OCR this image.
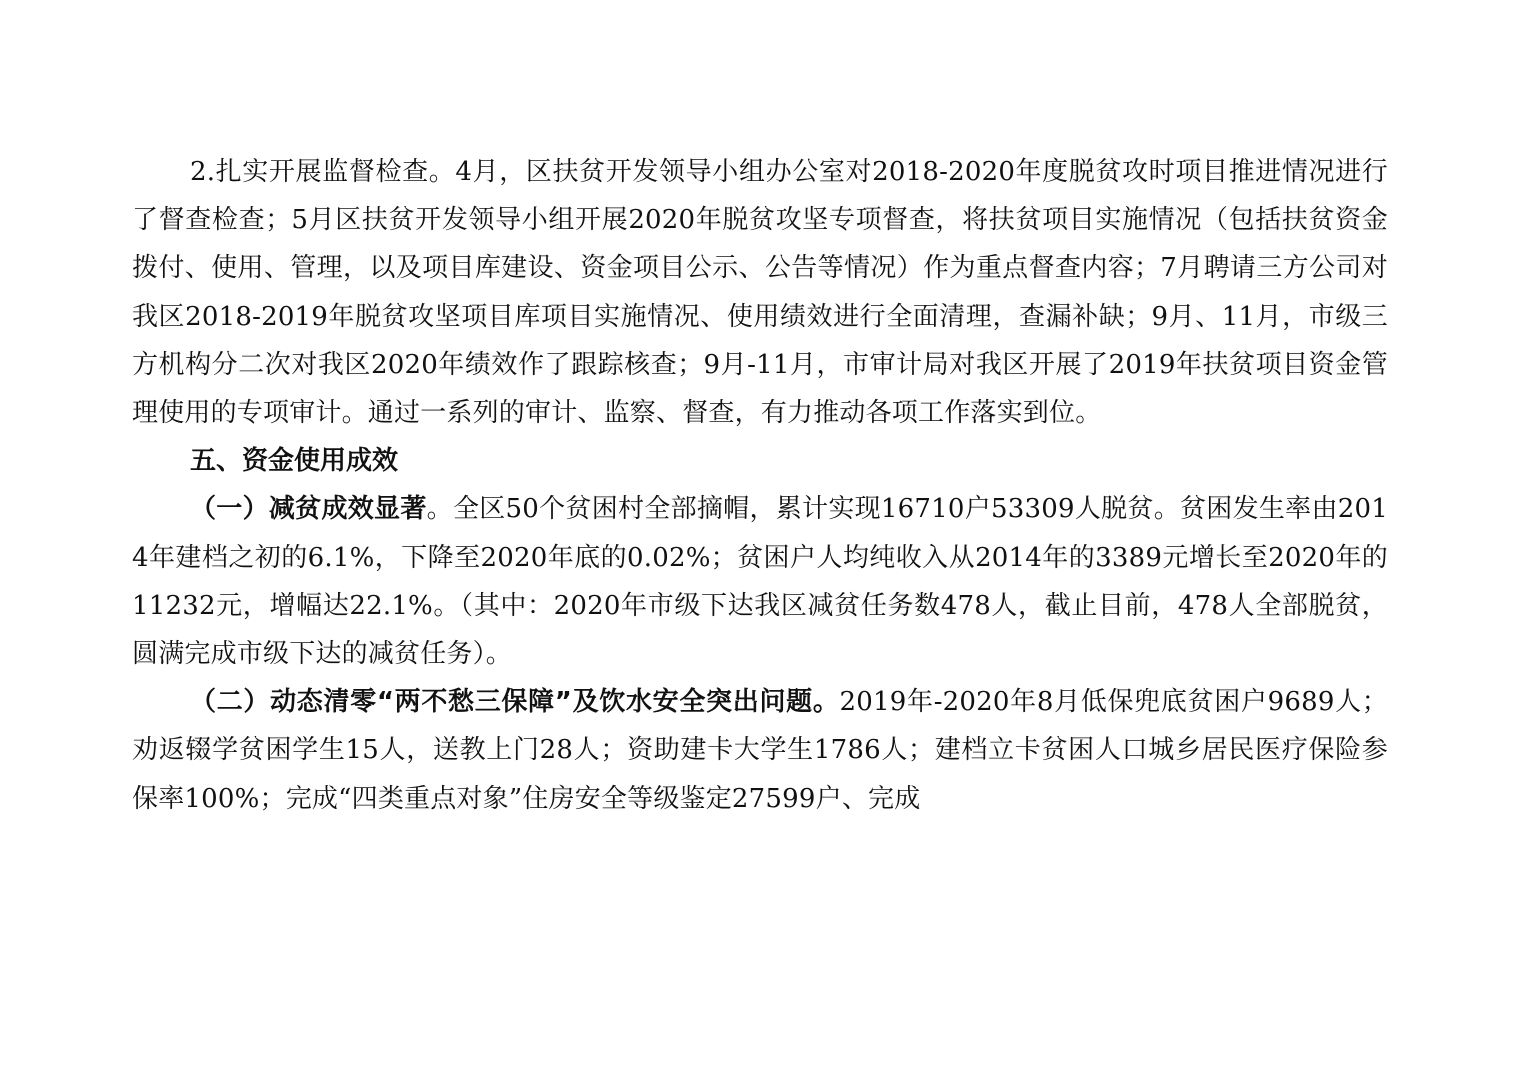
2.扎实开展监督检查。4月，区扶贫开发领导小组办公室对2018-2020年度脱贫攻时项目推进情况进行了督查检查；5月区扶贫开发领导小组开展2020年脱贫攻坚专项督查，将扶贫项目实施情况（包括扶贫资金拨付、使用、管理，以及项目库建设、资金项目公示、公告等情况）作为重点督查内容；7月聘请三方公司对我区2018-2019年脱贫攻坚项目库项目实施情况、使用绩效进行全面清理，查漏补缺；9月、11月，市级三方机构分二次对我区2020年绩效作了跟踪核查；9月-11月，市审计局对我区开展了2019年扶贫项目资金管理使用的专项审计。通过一系列的审计、监察、督查，有力推动各项工作落实到位。

五、资金使用成效

（一）减贫成效显著。全区50个贫困村全部摘帽，累计实现16710户53309人脱贫。贫困发生率由2014年建档之初的6.1%，下降至2020年底的0.02%；贫困户人均纯收入从2014年的3389元增长至2020年的11232元，增幅达22.1%。（其中：2020年市级下达我区减贫任务数478人，截止目前，478人全部脱贫，圆满完成市级下达的减贫任务）。

（二）动态清零“两不愁三保障”及饮水安全突出问题。2019年-2020年8月低保兜底贫困户9689人；劝返辍学贫困学生15人，送教上门28人；资助建卡大学生1786人；建档立卡贫困人口城乡居民医疗保险参保率100%；完成“四类重点对象”住房安全等级鉴定27599户、完成
